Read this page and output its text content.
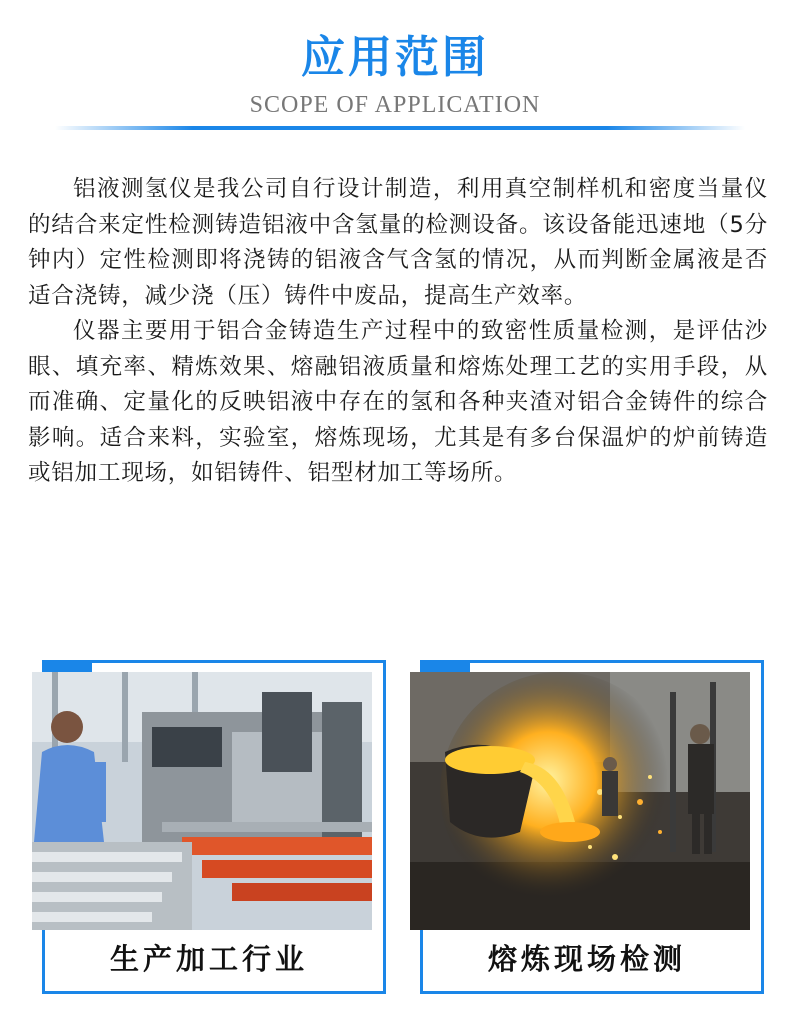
应用范围
SCOPE OF APPLICATION

铝液测氢仪是我公司自行设计制造，利用真空制样机和密度当量仪的结合来定性检测铸造铝液中含氢量的检测设备。该设备能迅速地（5分钟内）定性检测即将浇铸的铝液含气含氢的情况，从而判断金属液是否适合浇铸，减少浇（压）铸件中废品，提高生产效率。

仪器主要用于铝合金铸造生产过程中的致密性质量检测，是评估沙眼、填充率、精炼效果、熔融铝液质量和熔炼处理工艺的实用手段，从而准确、定量化的反映铝液中存在的氢和各种夹渣对铝合金铸件的综合影响。适合来料，实验室，熔炼现场，尤其是有多台保温炉的炉前铸造或铝加工现场，如铝铸件、铝型材加工等场所。

生产加工行业	熔炼现场检测
